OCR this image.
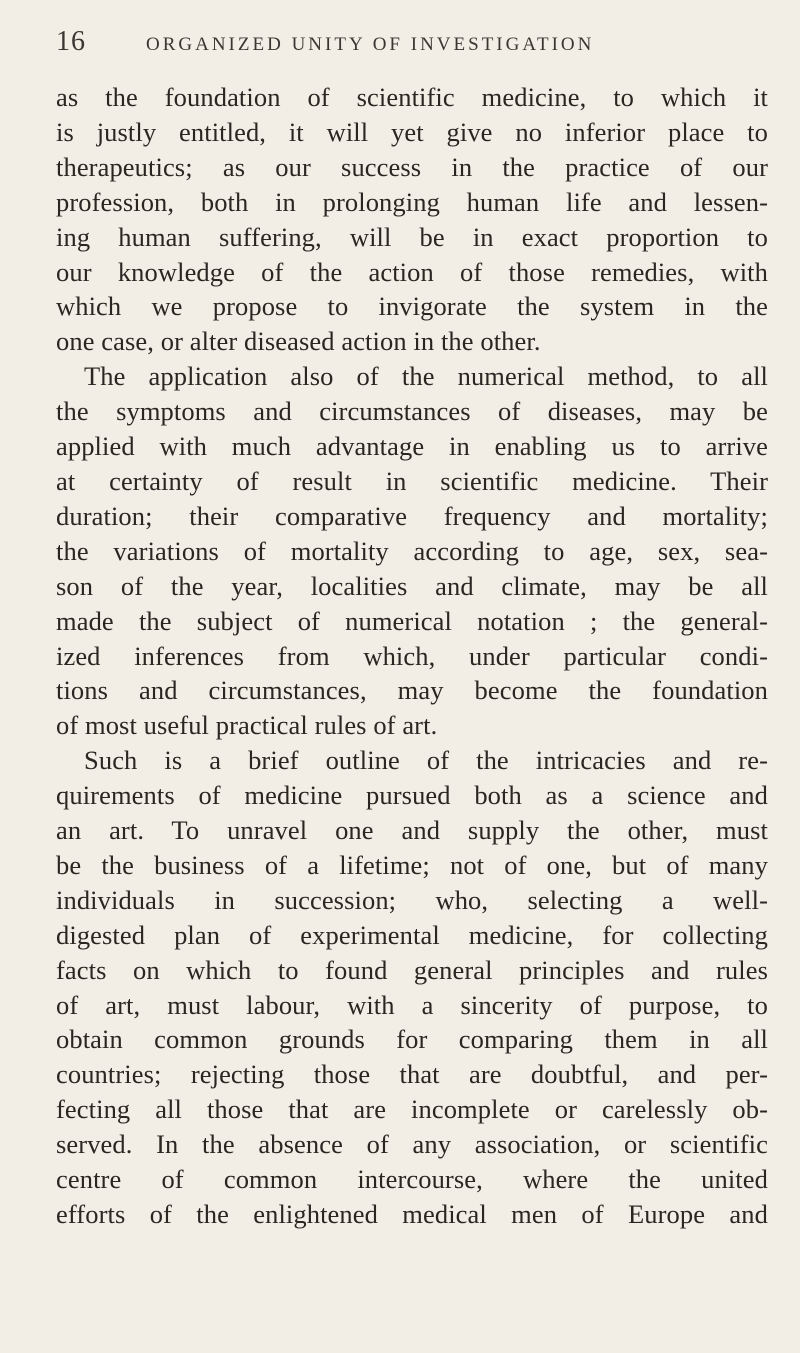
16	ORGANIZED UNITY OF INVESTIGATION
as the foundation of scientific medicine, to which it
is justly entitled, it will yet give no inferior place to
therapeutics; as our success in the practice of our
profession, both in prolonging human life and lessen-
ing human suffering, will be in exact proportion to
our knowledge of the action of those remedies, with
which we propose to invigorate the system in the
one case, or alter diseased action in the other.
The application also of the numerical method, to all
the symptoms and circumstances of diseases, may be
applied with much advantage in enabling us to arrive
at certainty of result in scientific medicine. Their
duration; their comparative frequency and mortality;
the variations of mortality according to age, sex, sea-
son of the year, localities and climate, may be all
made the subject of numerical notation ; the general-
ized inferences from which, under particular condi-
tions and circumstances, may become the foundation
of most useful practical rules of art.
Such is a brief outline of the intricacies and re-
quirements of medicine pursued both as a science and
an art. To unravel one and supply the other, must
be the business of a lifetime; not of one, but of many
individuals in succession; who, selecting a well-
digested plan of experimental medicine, for collecting
facts on which to found general principles and rules
of art, must labour, with a sincerity of purpose, to
obtain common grounds for comparing them in all
countries; rejecting those that are doubtful, and per-
fecting all those that are incomplete or carelessly ob-
served. In the absence of any association, or scientific
centre of common intercourse, where the united
efforts of the enlightened medical men of Europe and
